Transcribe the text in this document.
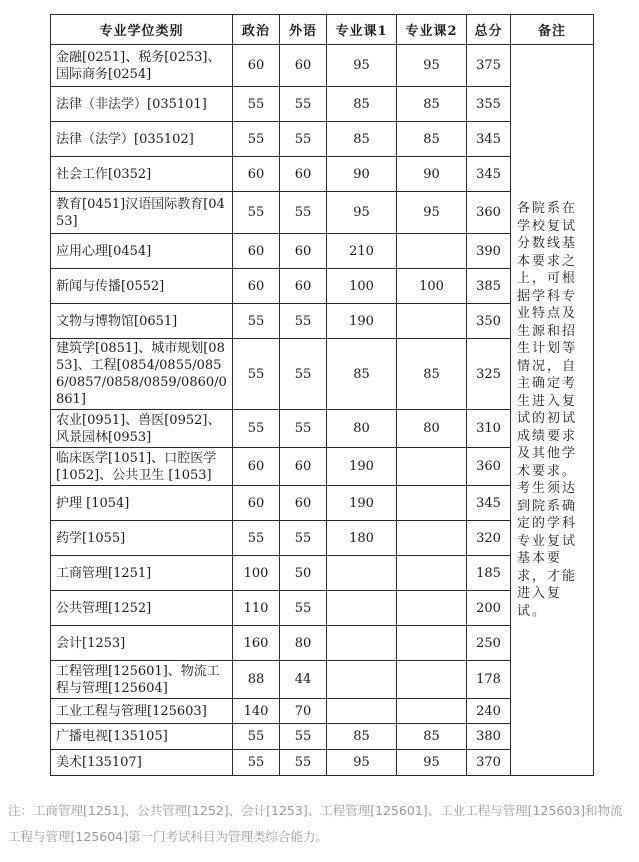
专业学位类别	政治	外语	专业课1	专业课2	总分	备注
金融[0251]、税务[0253]、国际商务[0254]	60	60	95	95	375	各院系在学校复试分数线基本要求之上，可根据学科专业特点及生源和招生计划等情况，自主确定考生进入复试的初试成绩要求及其他学术要求。考生须达到院系确定的学科专业复试基本要求，才能进入复试。
法律（非法学）[035101]	55	55	85	85	355	
法律（法学）[035102]	55	55	85	85	345	
社会工作[0352]	60	60	90	90	345	
教育[0451]汉语国际教育[0453]	55	55	95	95	360	
应用心理[0454]	60	60	210		390	
新闻与传播[0552]	60	60	100	100	385	
文物与博物馆[0651]	55	55	190		350	
建筑学[0851]、城市规划[0853]、工程[0854/0855/0856/0857/0858/0859/0860/0861]	55	55	85	85	325	
农业[0951]、兽医[0952]、风景园林[0953]	55	55	80	80	310	
临床医学[1051]、口腔医学[1052]、公共卫生 [1053]	60	60	190		360	
护理 [1054]	60	60	190		345	
药学[1055]	55	55	180		320	
工商管理[1251]	100	50			185	
公共管理[1252]	110	55			200	
会计[1253]	160	80			250	
工程管理[125601]、物流工程与管理[125604]	88	44			178	
工业工程与管理[125603]	140	70			240	
广播电视[135105]	55	55	85	85	380	
美术[135107]	55	55	95	95	370	
注：工商管理[1251]、公共管理[1252]、会计[1253]、工程管理[125601]、工业工程与管理[125603]和物流工程与管理[125604]第一门考试科目为管理类综合能力。
